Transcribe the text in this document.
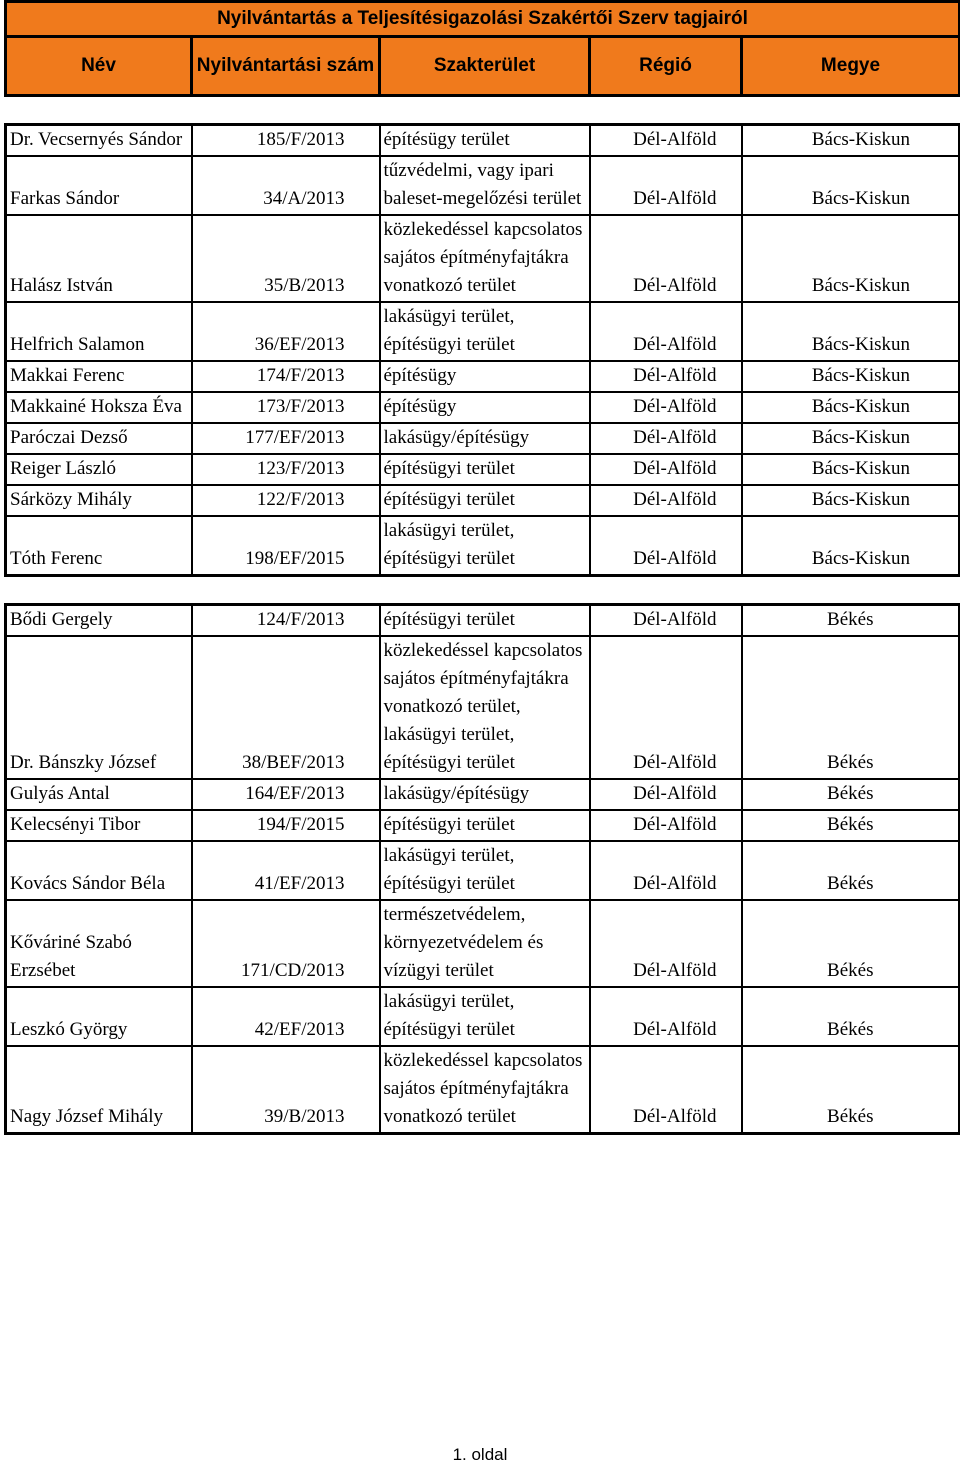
Nyilvántartás a Teljesítésigazolási Szakértői Szerv tagjairól				
Név	Nyilvántartási szám	Szakterület	Régió	Megye

Dr. Vecsernyés Sándor	185/F/2013	építésügy terület	Dél-Alföld	Bács-Kiskun
Farkas Sándor	34/A/2013	tűzvédelmi, vagy ipari baleset-megelőzési terület	Dél-Alföld	Bács-Kiskun
Halász István	35/B/2013	közlekedéssel kapcsolatos sajátos építményfajtákra vonatkozó terület	Dél-Alföld	Bács-Kiskun
Helfrich Salamon	36/EF/2013	lakásügyi terület, építésügyi terület	Dél-Alföld	Bács-Kiskun
Makkai Ferenc	174/F/2013	építésügy	Dél-Alföld	Bács-Kiskun
Makkainé Hoksza Éva	173/F/2013	építésügy	Dél-Alföld	Bács-Kiskun
Paróczai Dezső	177/EF/2013	lakásügy/építésügy	Dél-Alföld	Bács-Kiskun
Reiger László	123/F/2013	építésügyi terület	Dél-Alföld	Bács-Kiskun
Sárközy Mihály	122/F/2013	építésügyi terület	Dél-Alföld	Bács-Kiskun
Tóth Ferenc	198/EF/2015	lakásügyi terület, építésügyi terület	Dél-Alföld	Bács-Kiskun

Bődi Gergely	124/F/2013	építésügyi terület	Dél-Alföld	Békés
Dr. Bánszky József	38/BEF/2013	közlekedéssel kapcsolatos sajátos építményfajtákra vonatkozó terület, lakásügyi terület, építésügyi terület	Dél-Alföld	Békés
Gulyás Antal	164/EF/2013	lakásügy/építésügy	Dél-Alföld	Békés
Kelecsényi Tibor	194/F/2015	építésügyi terület	Dél-Alföld	Békés
Kovács Sándor Béla	41/EF/2013	lakásügyi terület, építésügyi terület	Dél-Alföld	Békés
Kőváriné Szabó Erzsébet	171/CD/2013	természetvédelem, környezetvédelem és vízügyi terület	Dél-Alföld	Békés
Leszkó György	42/EF/2013	lakásügyi terület, építésügyi terület	Dél-Alföld	Békés
Nagy József Mihály	39/B/2013	közlekedéssel kapcsolatos sajátos építményfajtákra vonatkozó terület	Dél-Alföld	Békés
1. oldal
